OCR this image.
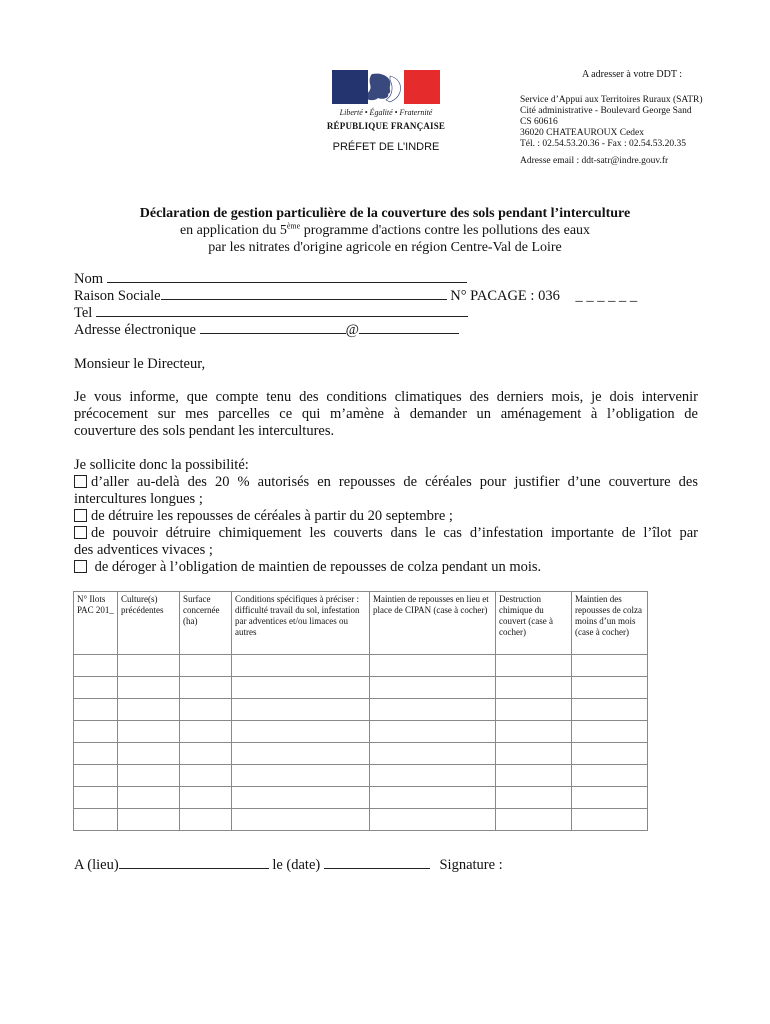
Liberté • Égalité • Fraternité
RÉPUBLIQUE FRANÇAISE
PRÉFET DE L’INDRE
A adresser à votre DDT :
Service d’Appui aux Territoires Ruraux (SATR)
Cité administrative - Boulevard George Sand
CS 60616
36020 CHATEAUROUX Cedex
Tél. : 02.54.53.20.36 - Fax : 02.54.53.20.35
Adresse email : ddt-satr@indre.gouv.fr
Déclaration de gestion particulière de la couverture des sols pendant l’interculture
en application du 5ème programme d'actions contre les pollutions des eaux
par les nitrates d'origine agricole en région Centre-Val de Loire
Nom
Raison Sociale	N° PACAGE : 036 _ _ _ _ _ _
Tel
Adresse électronique	@
Monsieur le Directeur,
Je vous informe, que compte tenu des conditions climatiques des derniers mois, je dois intervenir
précocement sur mes parcelles ce qui m’amène à demander un aménagement à l’obligation de
couverture des sols pendant les intercultures.
Je sollicite donc la possibilité:
d’aller au-delà des 20 % autorisés en repousses de céréales pour justifier d’une couverture des
intercultures longues ;
de détruire les repousses de céréales à partir du 20 septembre ;
de pouvoir détruire chimiquement les couverts dans le cas d’infestation importante de l’îlot par
des adventices vivaces ;
de déroger à l’obligation de maintien de repousses de colza pendant un mois.
N° Ilots PAC 201_	Culture(s) précédentes	Surface concernée (ha)	Conditions spécifiques à préciser : difficulté travail du sol, infestation par adventices et/ou limaces ou autres	Maintien de repousses en lieu et place de CIPAN (case à cocher)	Destruction chimique du couvert (case à cocher)	Maintien des repousses de colza moins d’un mois (case à cocher)

A (lieu)	le (date)	Signature :
